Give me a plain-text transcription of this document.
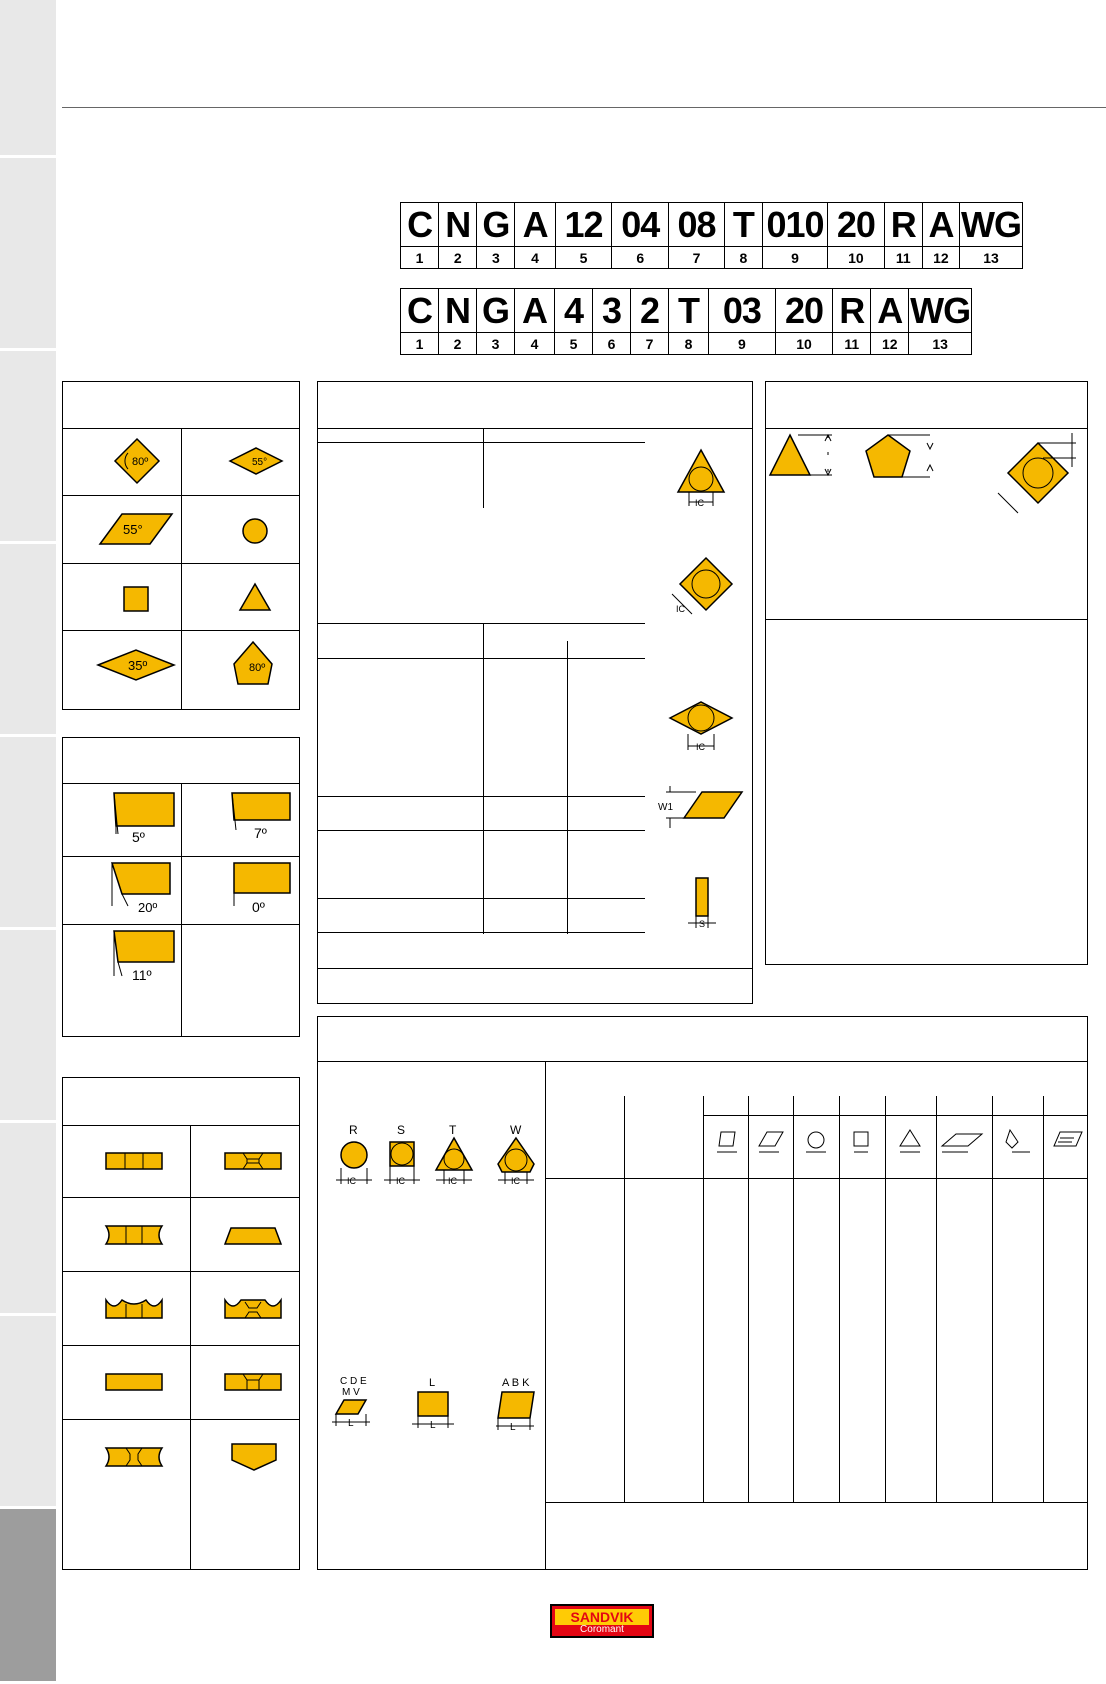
C	N	G	A	12	04	08	T	010	20	R	A	WG
1	2	3	4	5	6	7	8	9	10	11	12	13
C	N	G	A	4	3	2	T	03	20	R	A	WG
1	2	3	4	5	6	7	8	9	10	11	12	13
80º	55°
55°
35º	80º
5º	7º
20º	0º
11º
IC
IC
IC
W1
S
R
IC
S
IC
T
IC
W
IC
C D E
M V
L
L
L
A B K
L
SANDVIK
Coromant
